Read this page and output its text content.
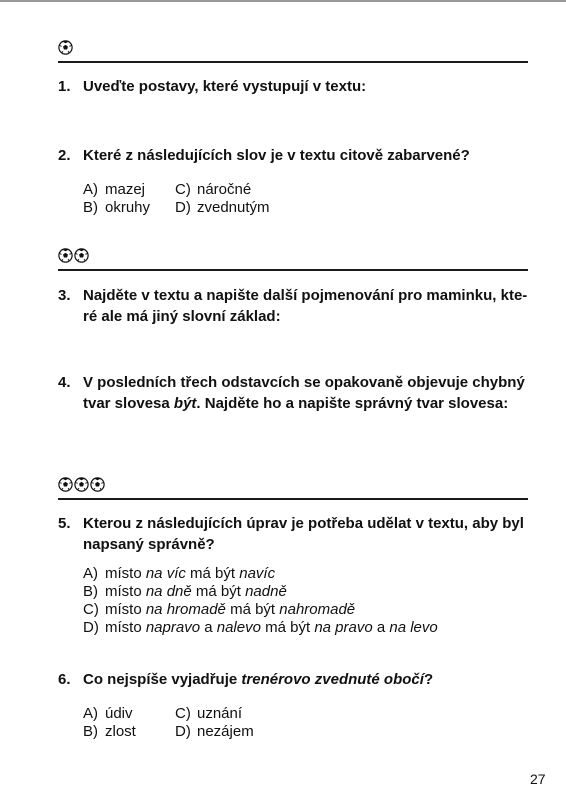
1. Uveďte postavy, které vystupují v textu:
2. Které z následujících slov je v textu citově zabarvené?
A) mazej	C) náročné
B) okruhy	D) zvednutým
3. Najděte v textu a napište další pojmenování pro maminku, kte-
ré ale má jiný slovní základ:
4. V posledních třech odstavcích se opakovaně objevuje chybný
tvar slovesa být. Najděte ho a napište správný tvar slovesa:
5. Kterou z následujících úprav je potřeba udělat v textu, aby byl
napsaný správně?
A) místo na víc má být navíc
B) místo na dně má být nadně
C) místo na hromadě má být nahromadě
D) místo napravo a nalevo má být na pravo a na levo
6. Co nejspíše vyjadřuje trenérovo zvednuté obočí?
A) údiv	C) uznání
B) zlost	D) nezájem
27
